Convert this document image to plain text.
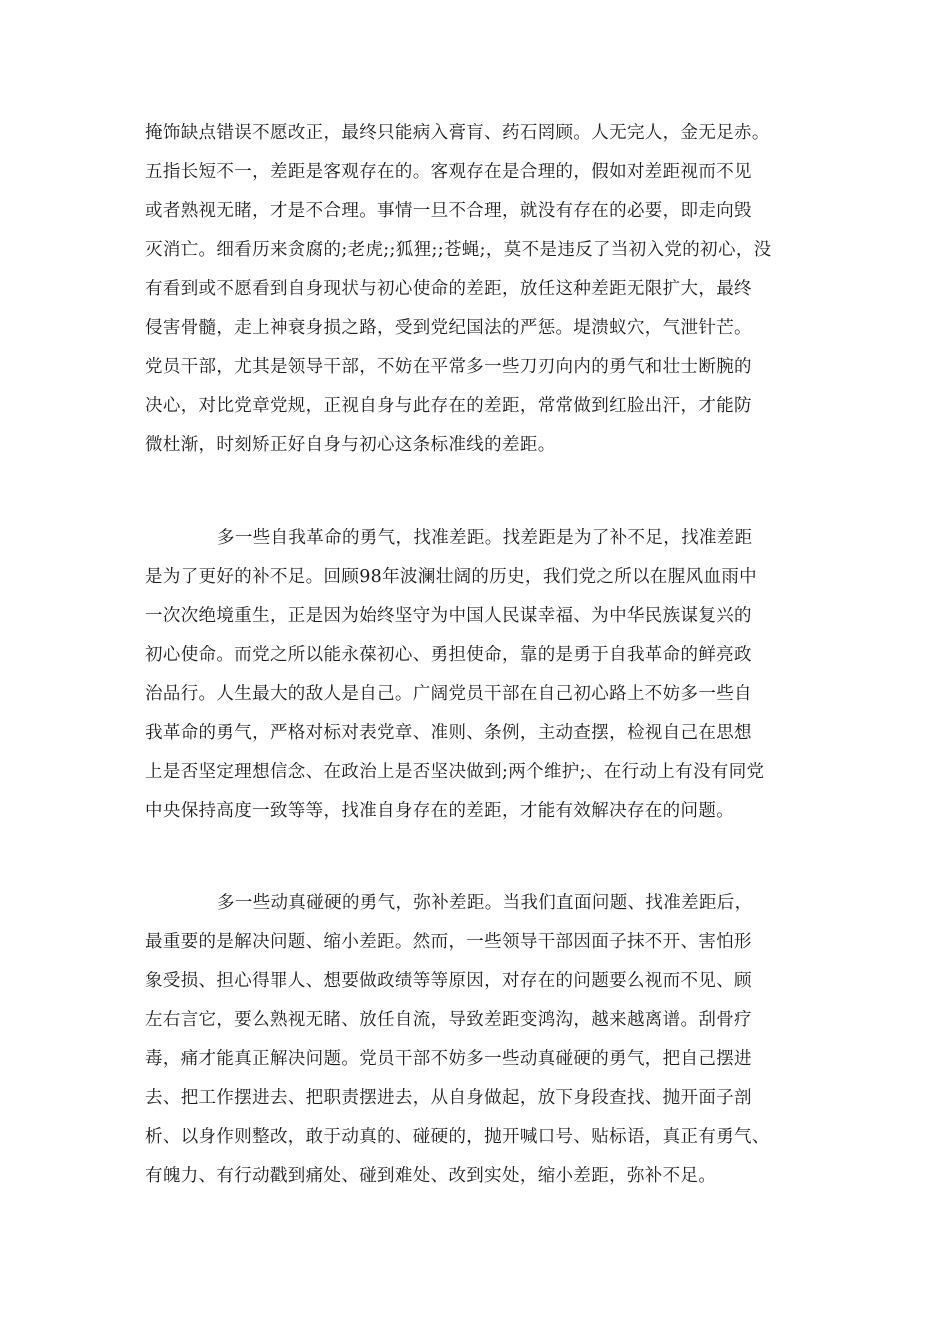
掩饰缺点错误不愿改正，最终只能病入膏肓、药石罔顾。人无完人，金无足赤。
五指长短不一，差距是客观存在的。客观存在是合理的，假如对差距视而不见
或者熟视无睹，才是不合理。事情一旦不合理，就没有存在的必要，即走向毁
灭消亡。细看历来贪腐的;老虎;;狐狸;;苍蝇;，莫不是违反了当初入党的初心，没
有看到或不愿看到自身现状与初心使命的差距，放任这种差距无限扩大，最终
侵害骨髓，走上神衰身损之路，受到党纪国法的严惩。堤溃蚁穴，气泄针芒。
党员干部，尤其是领导干部，不妨在平常多一些刀刃向内的勇气和壮士断腕的
决心，对比党章党规，正视自身与此存在的差距，常常做到红脸出汗，才能防
微杜渐，时刻矫正好自身与初心这条标准线的差距。
多一些自我革命的勇气，找准差距。找差距是为了补不足，找准差距
是为了更好的补不足。回顾98年波澜壮阔的历史，我们党之所以在腥风血雨中
一次次绝境重生，正是因为始终坚守为中国人民谋幸福、为中华民族谋复兴的
初心使命。而党之所以能永葆初心、勇担使命，靠的是勇于自我革命的鲜亮政
治品行。人生最大的敌人是自己。广阔党员干部在自己初心路上不妨多一些自
我革命的勇气，严格对标对表党章、准则、条例，主动查摆，检视自己在思想
上是否坚定理想信念、在政治上是否坚决做到;两个维护;、在行动上有没有同党
中央保持高度一致等等，找准自身存在的差距，才能有效解决存在的问题。
多一些动真碰硬的勇气，弥补差距。当我们直面问题、找准差距后，
最重要的是解决问题、缩小差距。然而，一些领导干部因面子抹不开、害怕形
象受损、担心得罪人、想要做政绩等等原因，对存在的问题要么视而不见、顾
左右言它，要么熟视无睹、放任自流，导致差距变鸿沟，越来越离谱。刮骨疗
毒，痛才能真正解决问题。党员干部不妨多一些动真碰硬的勇气，把自己摆进
去、把工作摆进去、把职责摆进去，从自身做起，放下身段查找、抛开面子剖
析、以身作则整改，敢于动真的、碰硬的，抛开喊口号、贴标语，真正有勇气、
有魄力、有行动戳到痛处、碰到难处、改到实处，缩小差距，弥补不足。
